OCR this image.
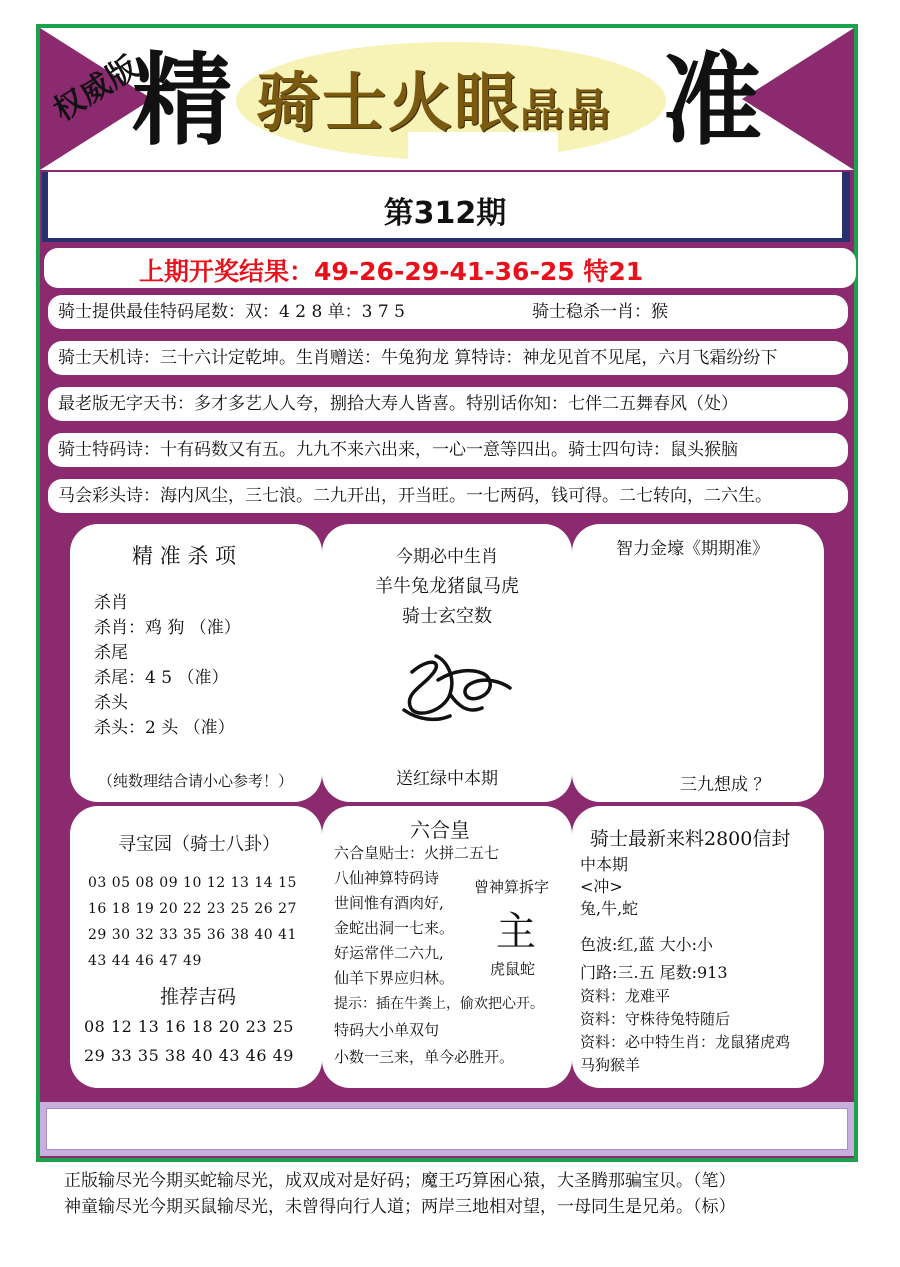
权威版
精 骑士火眼晶晶 准
第312期
上期开奖结果：49-26-29-41-36-25 特21
骑士提供最佳特码尾数：双：4 2 8 单：3 7 5	骑士稳杀一肖：猴
骑士天机诗：三十六计定乾坤。生肖赠送：牛兔狗龙 算特诗：神龙见首不见尾，六月飞霜纷纷下
最老版无字天书：多才多艺人人夸，捌拾大寿人皆喜。特别话你知：七伴二五舞春风（处）
骑士特码诗：十有码数又有五。九九不来六出来，一心一意等四出。骑士四句诗：鼠头猴脑
马会彩头诗：海内风尘，三七浪。二九开出，开当旺。一七两码，钱可得。二七转向，二六生。
精 准 杀 项
杀肖
杀肖：鸡 狗 （准）
杀尾
杀尾：4 5 （准）
杀头
杀头：2 头 （准）
（纯数理结合请小心参考！）
今期必中生肖
羊牛兔龙猪鼠马虎
骑士玄空数
送红绿中本期
智力金壕《期期准》
三九想成 ？
寻宝园（骑士八卦）
03 05 08 09 10 12 13 14 15
16 18 19 20 22 23 25 26 27
29 30 32 33 35 36 38 40 41
43 44 46 47 49
推荐吉码
08 12 13 16 18 20 23 25
29 33 35 38 40 43 46 49
六合皇
六合皇贴士：火拼二五七
八仙神算特码诗
世间惟有酒肉好,
金蛇出洞一七来。
好运常伴二六九,
仙羊下界应归林。
提示：插在牛粪上，偷欢把心开。
特码大小单双句
小数一三来，单今必胜开。
曾神算拆字
主
虎鼠蛇
骑士最新来料2800信封
中本期
<冲>
兔,牛,蛇
色波:红,蓝 大小:小
门路:三.五 尾数:913
资料：龙难平
资料：守株待兔特随后
资料：必中特生肖：龙鼠猪虎鸡
马狗猴羊
正版输尽光今期买蛇输尽光，成双成对是好码；魔王巧算困心猿，大圣腾那骗宝贝。（笔）
神童输尽光今期买鼠输尽光，未曾得向行人道；两岸三地相对望，一母同生是兄弟。（标）
